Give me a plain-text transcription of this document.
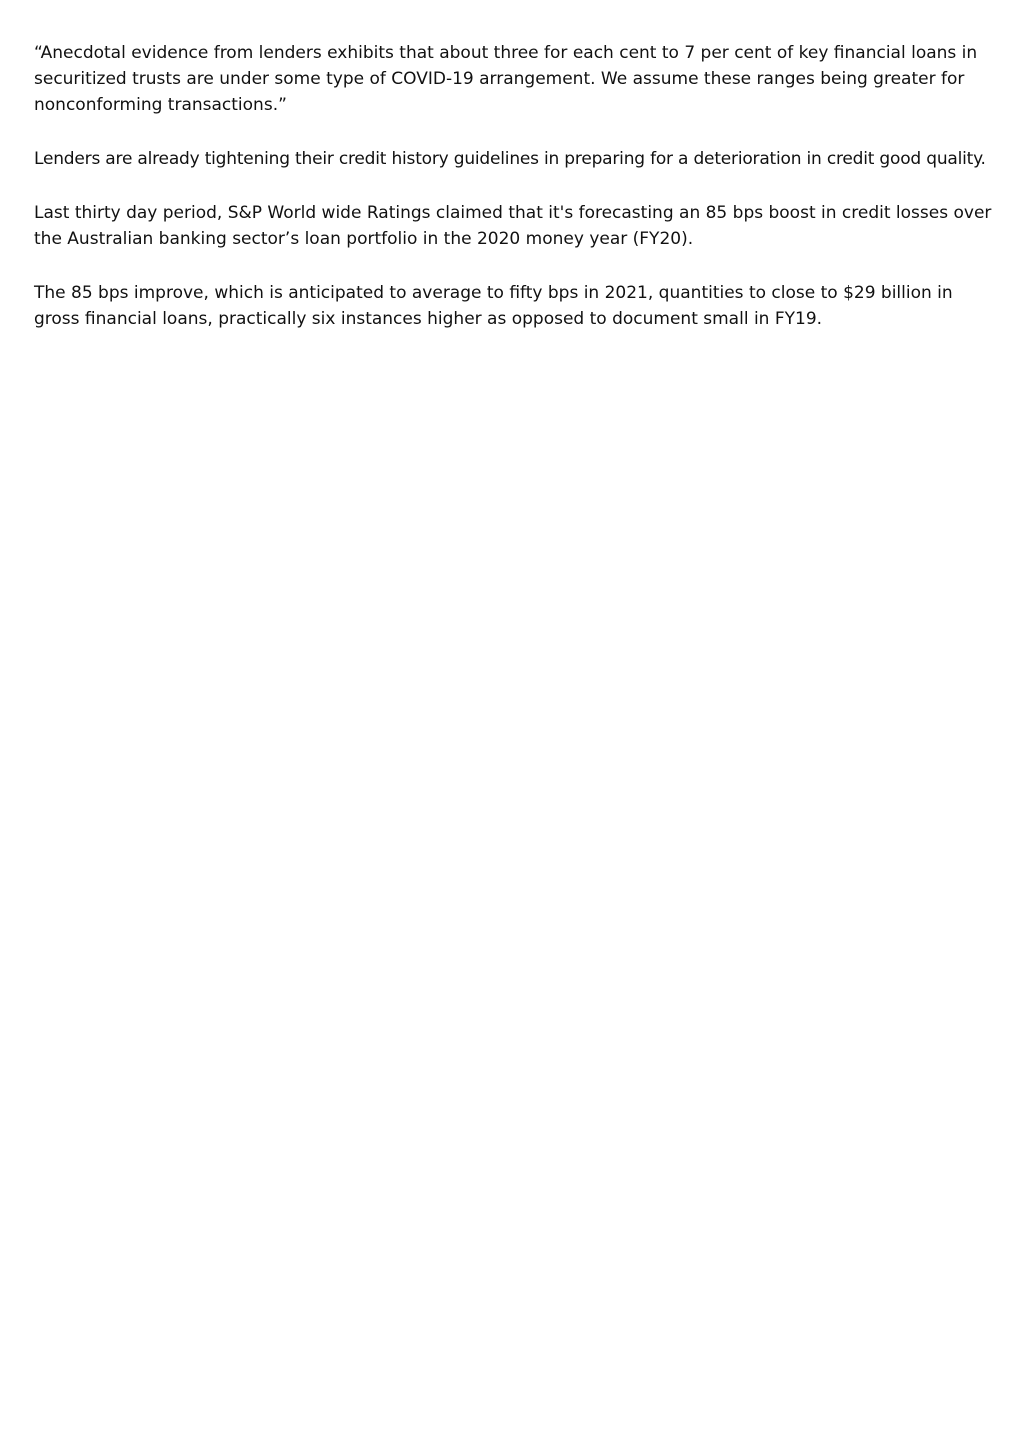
“Anecdotal evidence from lenders exhibits that about three for each cent to 7 per cent of key financial loans in securitized trusts are under some type of COVID-19 arrangement. We assume these ranges being greater for nonconforming transactions.”

Lenders are already tightening their credit history guidelines in preparing for a deterioration in credit good quality.

Last thirty day period, S&P World wide Ratings claimed that it's forecasting an 85 bps boost in credit losses over the Australian banking sector’s loan portfolio in the 2020 money year (FY20).

The 85 bps improve, which is anticipated to average to fifty bps in 2021, quantities to close to $29 billion in gross financial loans, practically six instances higher as opposed to document small in FY19.
